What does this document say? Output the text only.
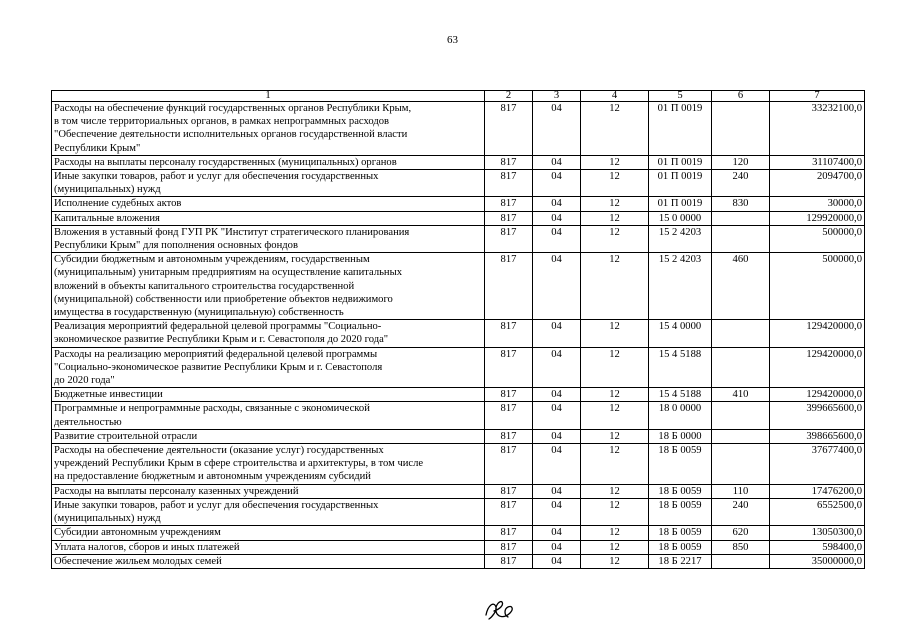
63
1	2	3	4	5	6	7

Расходы на обеспечение функций государственных органов Республики Крым,
в том числе территориальных органов, в рамках непрограммных расходов
"Обеспечение деятельности исполнительных органов государственной власти
Республики Крым"	817	04	12	01 П 0019		33232100,0

Расходы на выплаты персоналу государственных (муниципальных) органов	817	04	12	01 П 0019	120	31107400,0

Иные закупки товаров, работ и услуг для обеспечения государственных
(муниципальных) нужд	817	04	12	01 П 0019	240	2094700,0

Исполнение судебных актов	817	04	12	01 П 0019	830	30000,0

Капитальные вложения	817	04	12	15 0 0000		129920000,0

Вложения в уставный фонд ГУП РК "Институт стратегического планирования
Республики Крым" для пополнения основных фондов	817	04	12	15 2 4203		500000,0

Субсидии бюджетным и автономным учреждениям, государственным
(муниципальным) унитарным предприятиям на осуществление капитальных
вложений в объекты капитального строительства государственной
(муниципальной) собственности или приобретение объектов недвижимого
имущества в государственную (муниципальную) собственность	817	04	12	15 2 4203	460	500000,0

Реализация мероприятий федеральной целевой программы "Социально-
экономическое развитие Республики Крым и г. Севастополя до 2020 года"	817	04	12	15 4 0000		129420000,0

Расходы на реализацию мероприятий федеральной целевой программы
"Социально-экономическое развитие Республики Крым и г. Севастополя
до 2020 года"	817	04	12	15 4 5188		129420000,0

Бюджетные инвестиции	817	04	12	15 4 5188	410	129420000,0

Программные и непрограммные расходы, связанные с экономической
деятельностью	817	04	12	18 0 0000		399665600,0

Развитие строительной отрасли	817	04	12	18 Б 0000		398665600,0

Расходы на обеспечение деятельности (оказание услуг) государственных
учреждений Республики Крым в сфере строительства и архитектуры, в том числе
на предоставление бюджетным и автономным учреждениям субсидий	817	04	12	18 Б 0059		37677400,0

Расходы на выплаты персоналу казенных учреждений	817	04	12	18 Б 0059	110	17476200,0

Иные закупки товаров, работ и услуг для обеспечения государственных
(муниципальных) нужд	817	04	12	18 Б 0059	240	6552500,0

Субсидии автономным учреждениям	817	04	12	18 Б 0059	620	13050300,0

Уплата налогов, сборов и иных платежей	817	04	12	18 Б 0059	850	598400,0

Обеспечение жильем молодых семей	817	04	12	18 Б 2217		35000000,0
